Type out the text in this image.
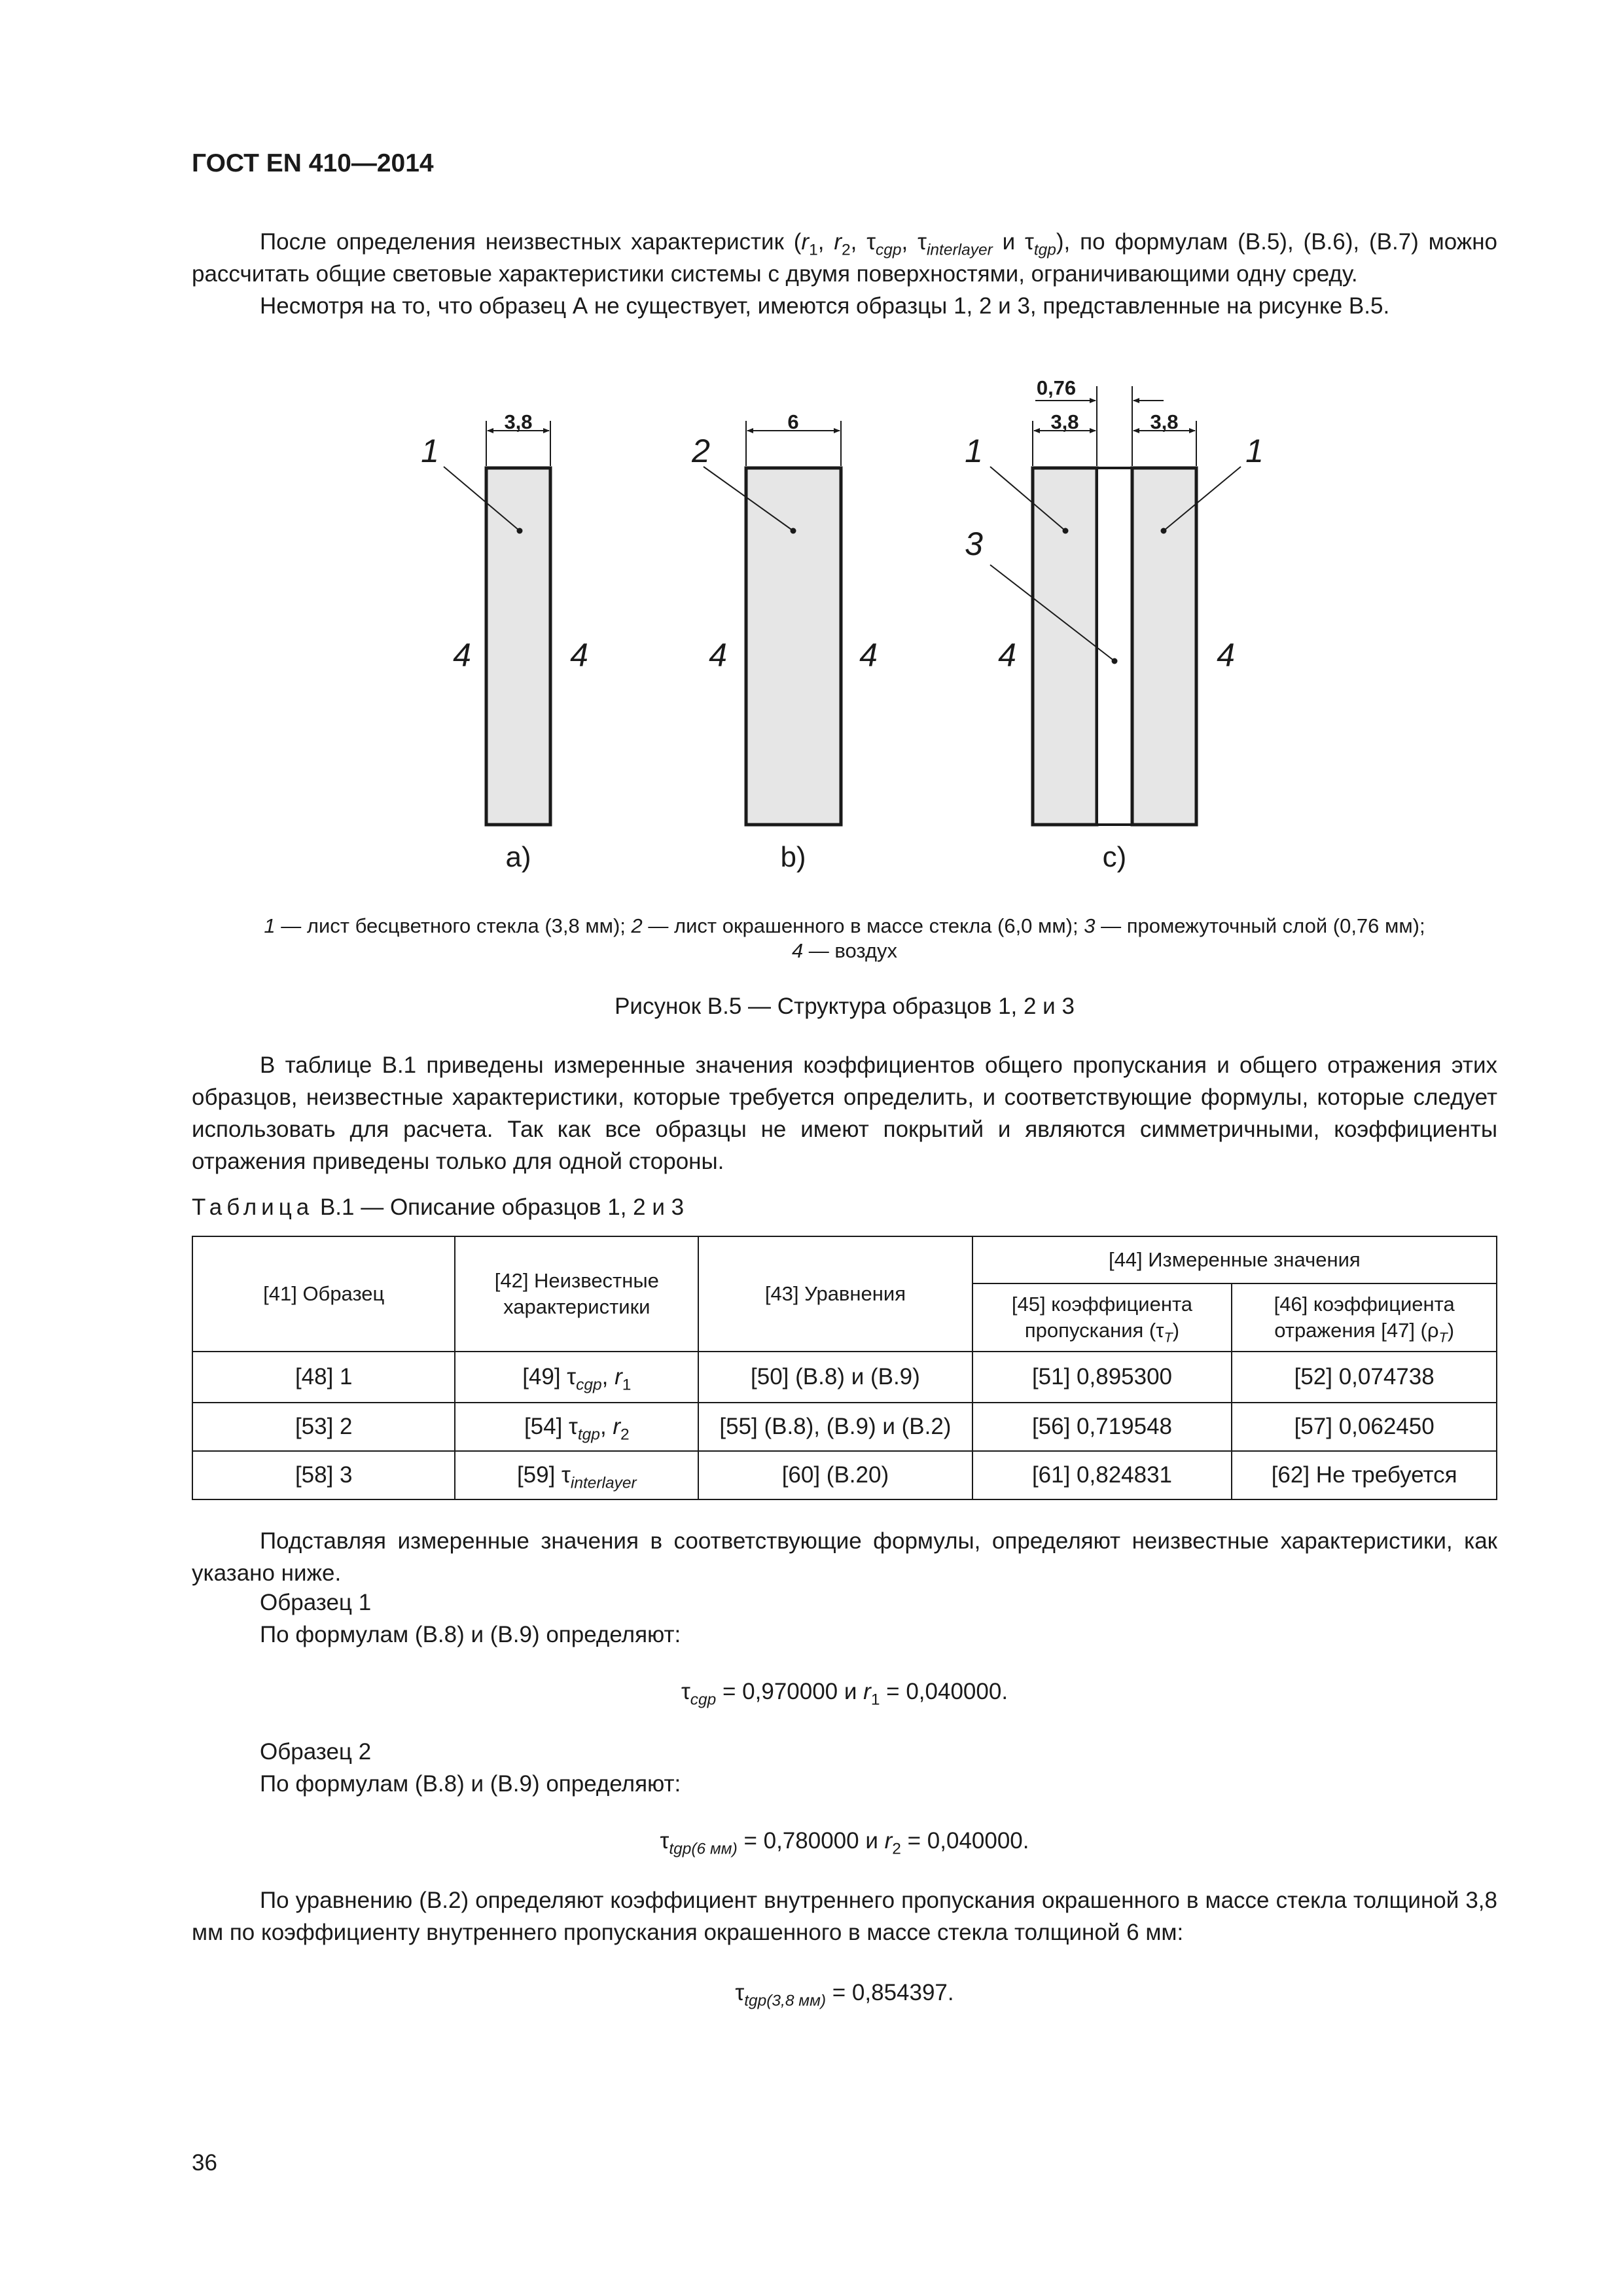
ГОСТ EN 410—2014
После определения неизвестных характеристик ($r_1$, $r_2$, $\tau_{cgp}$, $\tau_{interlayer}$ и $\tau_{tgp}$), по формулам (B.5), (B.6), (B.7) можно рассчитать общие световые характеристики системы с двумя поверхностями, ограничивающими одну среду.
Несмотря на то, что образец А не существует, имеются образцы 1, 2 и 3, представленные на рисунке B.5.
3,8	6	3,8	3,8
0,76
1	2	1	1
3
4	4	4	4	4	4
a)	b)	c)
1 — лист бесцветного стекла (3,8 мм); 2 — лист окрашенного в массе стекла (6,0 мм); 3 — промежуточный слой (0,76 мм);
4 — воздух
Рисунок B.5 — Структура образцов 1, 2 и 3
В таблице B.1 приведены измеренные значения коэффициентов общего пропускания и общего отражения этих образцов, неизвестные характеристики, которые требуется определить, и соответствующие формулы, которые следует использовать для расчета. Так как все образцы не имеют покрытий и являются симметричными, коэффициенты отражения приведены только для одной стороны.
Таблица B.1 — Описание образцов 1, 2 и 3
[41] Образец	[42] Неизвестные характеристики	[43] Уравнения	[44] Измеренные значения	
			[45] коэффициента пропускания $(\tau_T)$	[46] коэффициента отражения [47] $(\rho_T)$
[48] 1	[49] $\tau_{cgp}$, $r_1$	[50] (B.8) и (B.9)	[51] 0,895300	[52] 0,074738
[53] 2	[54] $\tau_{tgp}$, $r_2$	[55] (B.8), (B.9) и (B.2)	[56] 0,719548	[57] 0,062450
[58] 3	[59] $\tau_{interlayer}$	[60] (B.20)	[61] 0,824831	[62] Не требуется
Подставляя измеренные значения в соответствующие формулы, определяют неизвестные характеристики, как указано ниже.
Образец 1
По формулам (B.8) и (B.9) определяют:
$\tau_{cgp} = 0,970000$ и $r_1 = 0,040000$.
Образец 2
По формулам (B.8) и (B.9) определяют:
$\tau_{tgp(6 мм)} = 0,780000$ и $r_2 = 0,040000$.
По уравнению (B.2) определяют коэффициент внутреннего пропускания окрашенного в массе стекла толщиной 3,8 мм по коэффициенту внутреннего пропускания окрашенного в массе стекла толщиной 6 мм:
$\tau_{tgp(3,8 мм)} = 0,854397$.
36
